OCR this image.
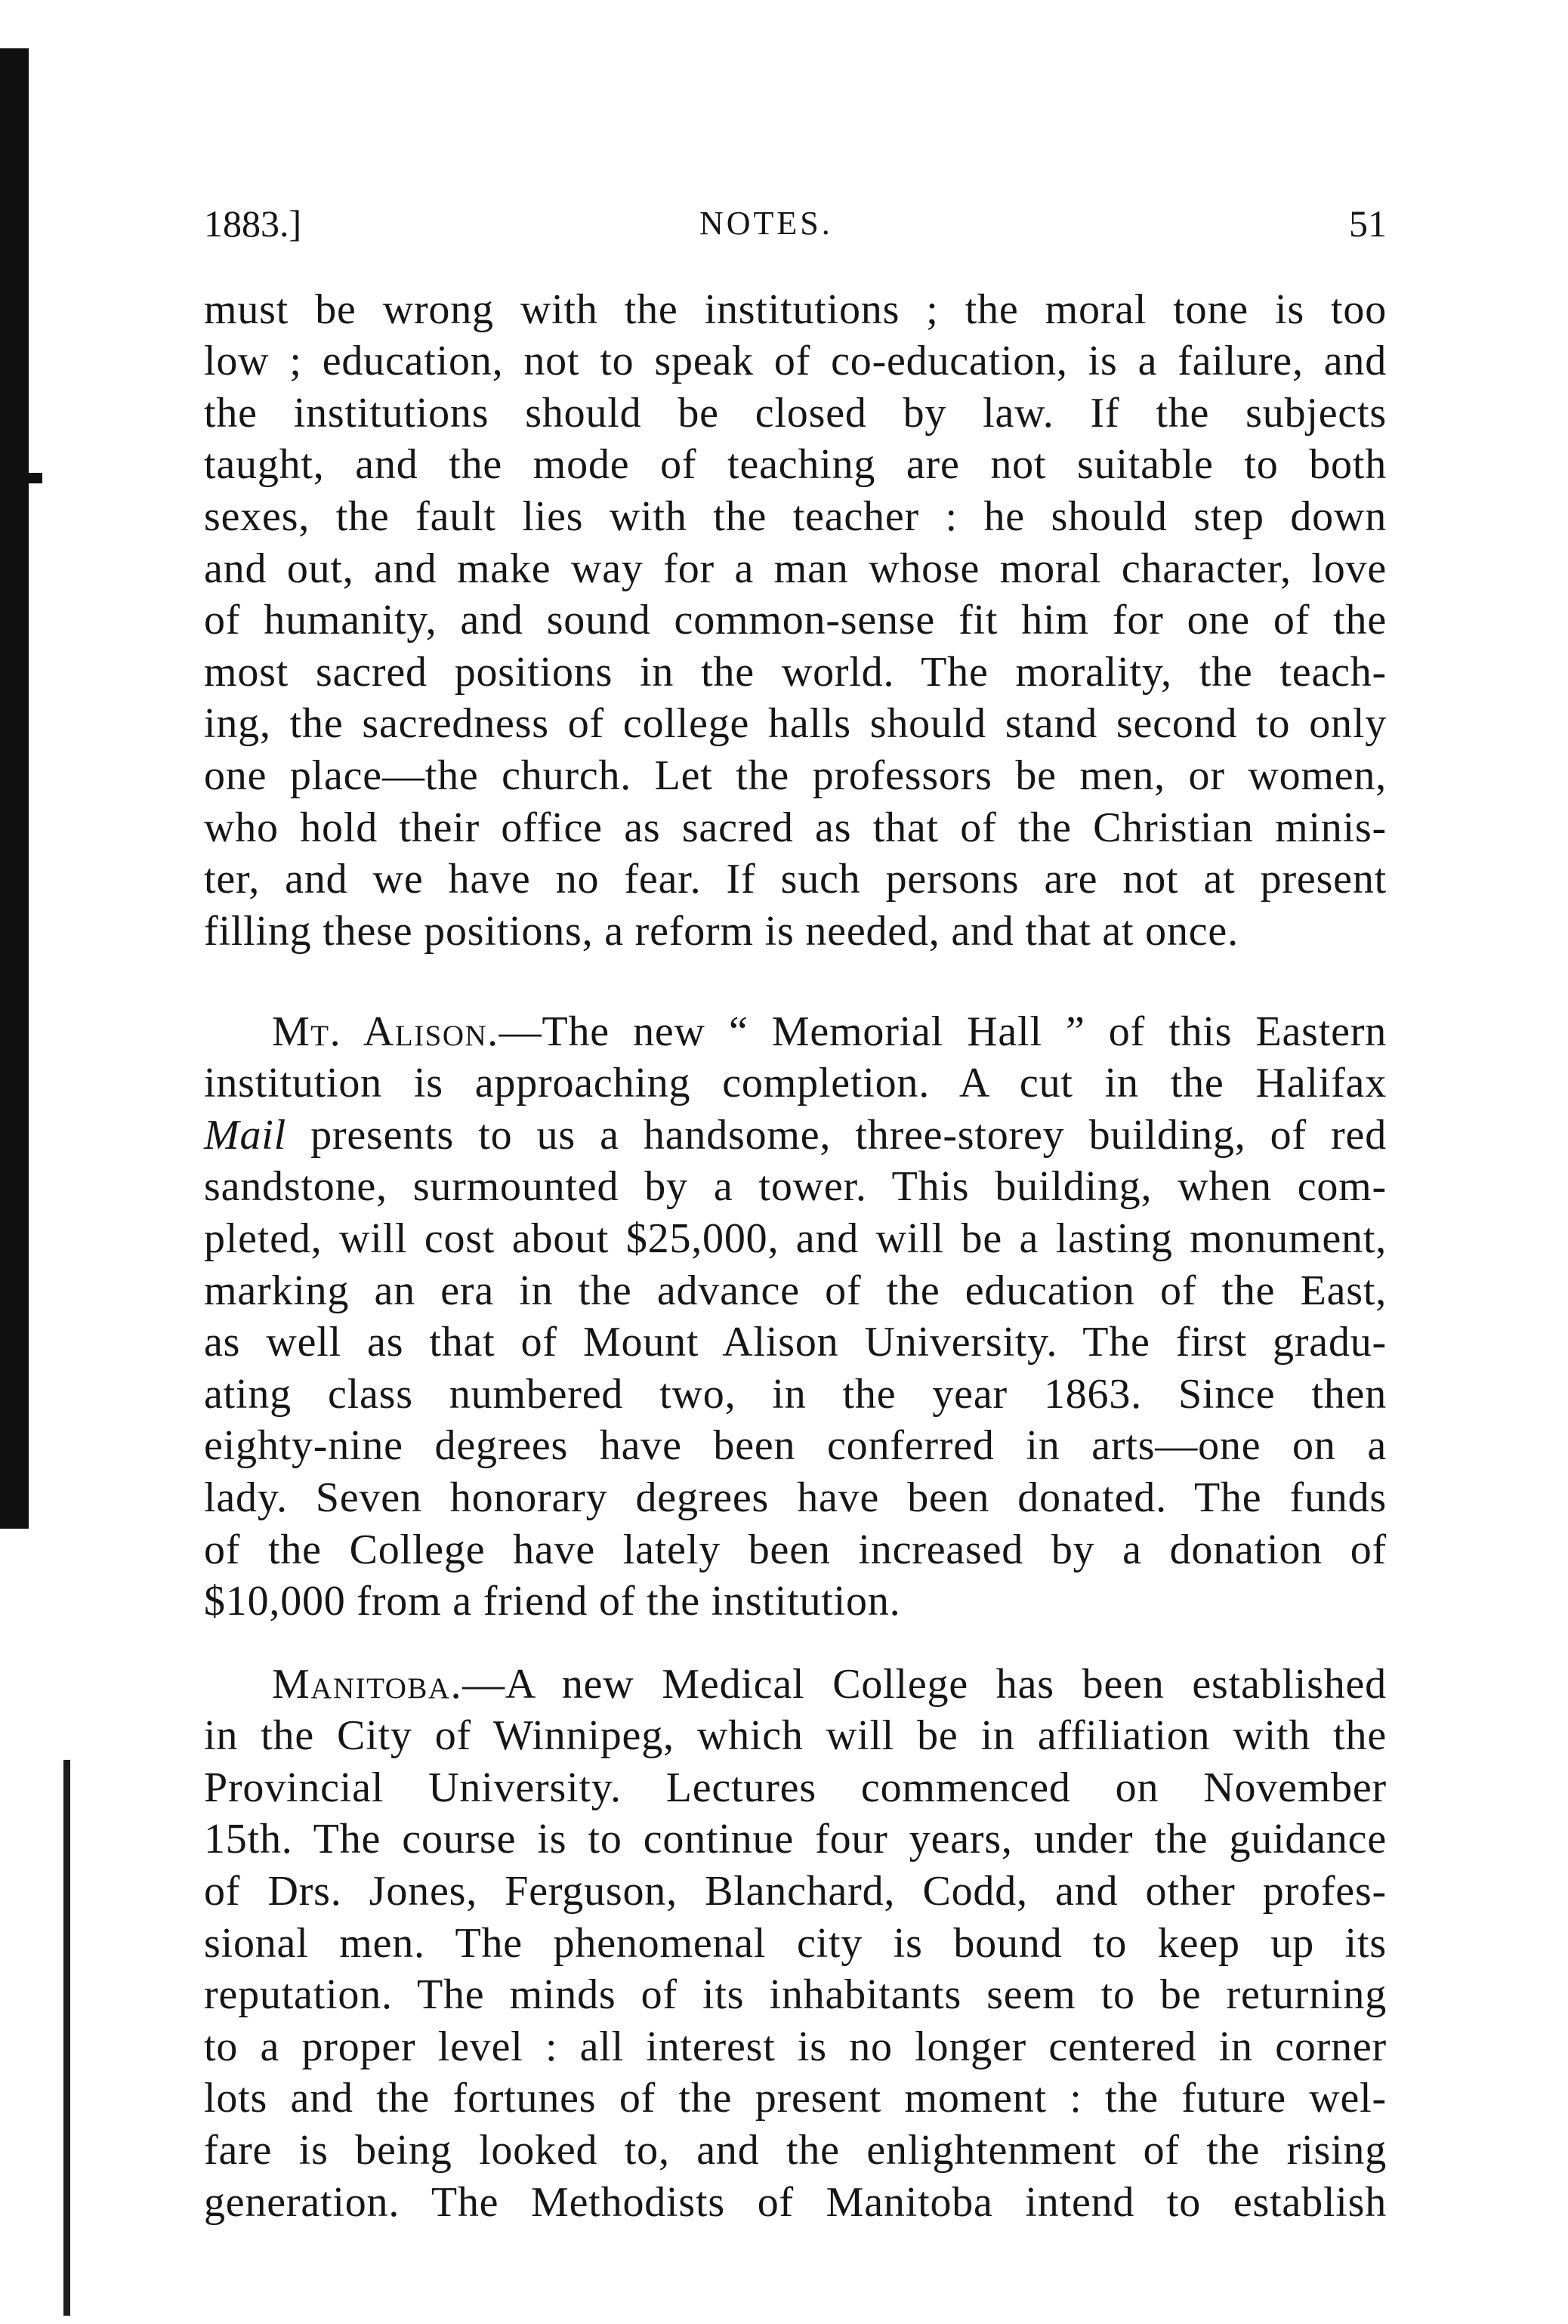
1883.]	NOTES.	51
must be wrong with the institutions ; the moral tone is too
low ; education, not to speak of co-education, is a failure, and
the institutions should be closed by law. If the subjects
taught, and the mode of teaching are not suitable to both
sexes, the fault lies with the teacher : he should step down
and out, and make way for a man whose moral character, love
of humanity, and sound common-sense fit him for one of the
most sacred positions in the world. The morality, the teach-
ing, the sacredness of college halls should stand second to only
one place—the church. Let the professors be men, or women,
who hold their office as sacred as that of the Christian minis-
ter, and we have no fear. If such persons are not at present
filling these positions, a reform is needed, and that at once.
Mt. Alison.—The new “ Memorial Hall ” of this Eastern
institution is approaching completion. A cut in the Halifax
Mail presents to us a handsome, three-storey building, of red
sandstone, surmounted by a tower. This building, when com-
pleted, will cost about $25,000, and will be a lasting monument,
marking an era in the advance of the education of the East,
as well as that of Mount Alison University. The first gradu-
ating class numbered two, in the year 1863. Since then
eighty-nine degrees have been conferred in arts—one on a
lady. Seven honorary degrees have been donated. The funds
of the College have lately been increased by a donation of
$10,000 from a friend of the institution.
Manitoba.—A new Medical College has been established
in the City of Winnipeg, which will be in affiliation with the
Provincial University. Lectures commenced on November
15th. The course is to continue four years, under the guidance
of Drs. Jones, Ferguson, Blanchard, Codd, and other profes-
sional men. The phenomenal city is bound to keep up its
reputation. The minds of its inhabitants seem to be returning
to a proper level : all interest is no longer centered in corner
lots and the fortunes of the present moment : the future wel-
fare is being looked to, and the enlightenment of the rising
generation. The Methodists of Manitoba intend to establish
